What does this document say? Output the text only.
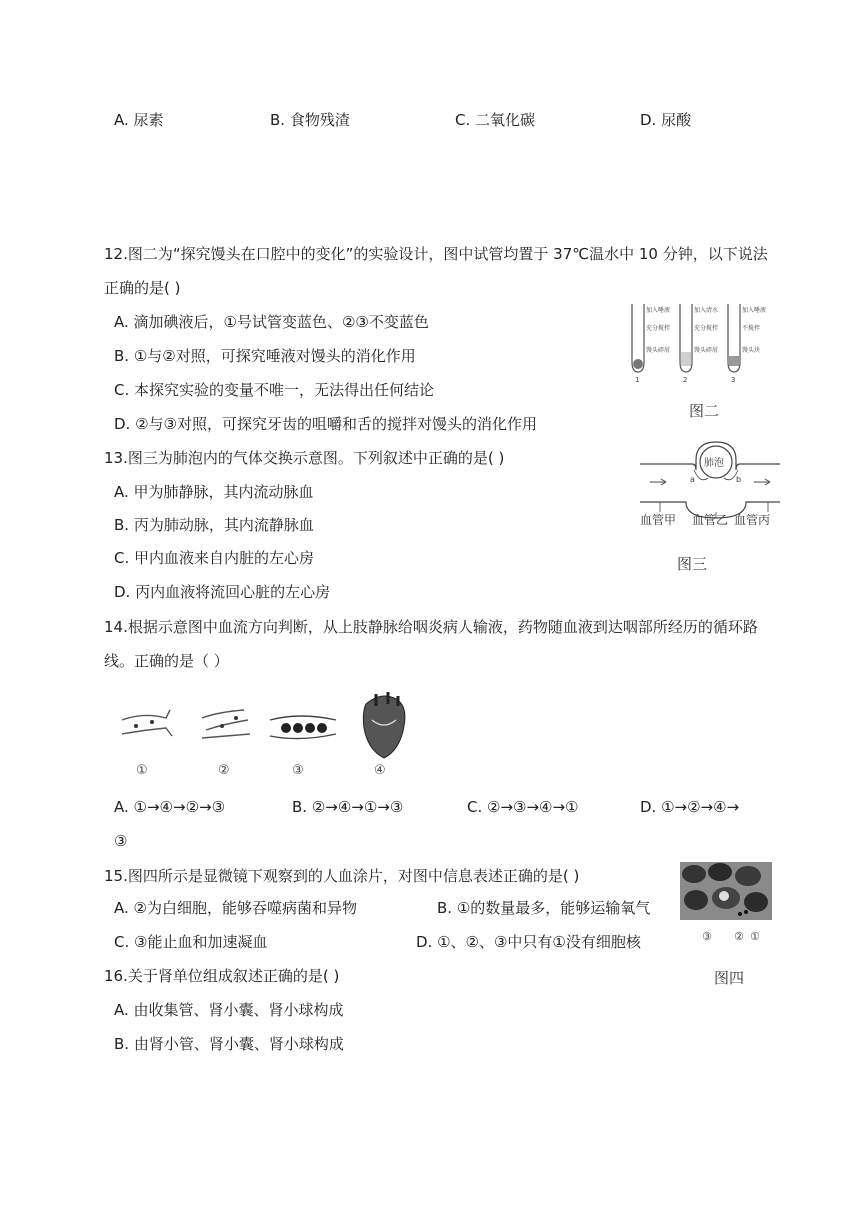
A. 尿素	B. 食物残渣	C. 二氧化碳	D. 尿酸
12.图二为“探究馒头在口腔中的变化”的实验设计，图中试管均置于 37℃温水中 10 分钟，以下说法
正确的是( )
A. 滴加碘液后，①号试管变蓝色、②③不变蓝色
B. ①与②对照，可探究唾液对馒头的消化作用
C. 本探究实验的变量不唯一，无法得出任何结论
D. ②与③对照，可探究牙齿的咀嚼和舌的搅拌对馒头的消化作用
加入唾液
充分搅拌
馒头碎屑
1
加入清水
充分搅拌
馒头碎屑
2
加入唾液
不搅拌
馒头块
3
图二
13.图三为肺泡内的气体交换示意图。下列叙述中正确的是( )
A. 甲为肺静脉，其内流动脉血
B. 丙为肺动脉，其内流静脉血
C. 甲内血液来自内脏的左心房
D. 丙内血液将流回心脏的左心房
肺泡
a	b
血管甲 血管乙 血管丙
图三
14.根据示意图中血流方向判断，从上肢静脉给咽炎病人输液，药物随血液到达咽部所经历的循环路
线。正确的是（ ）
①	②	③	④
A. ①→④→②→③	B. ②→④→①→③	C. ②→③→④→①	D. ①→②→④→
③
15.图四所示是显微镜下观察到的人血涂片，对图中信息表述正确的是( )
A. ②为白细胞，能够吞噬病菌和异物	B. ①的数量最多，能够运输氧气
C. ③能止血和加速凝血	D. ①、②、③中只有①没有细胞核	③ ② ①
图四
16.关于肾单位组成叙述正确的是( )
A. 由收集管、肾小囊、肾小球构成
B. 由肾小管、肾小囊、肾小球构成
